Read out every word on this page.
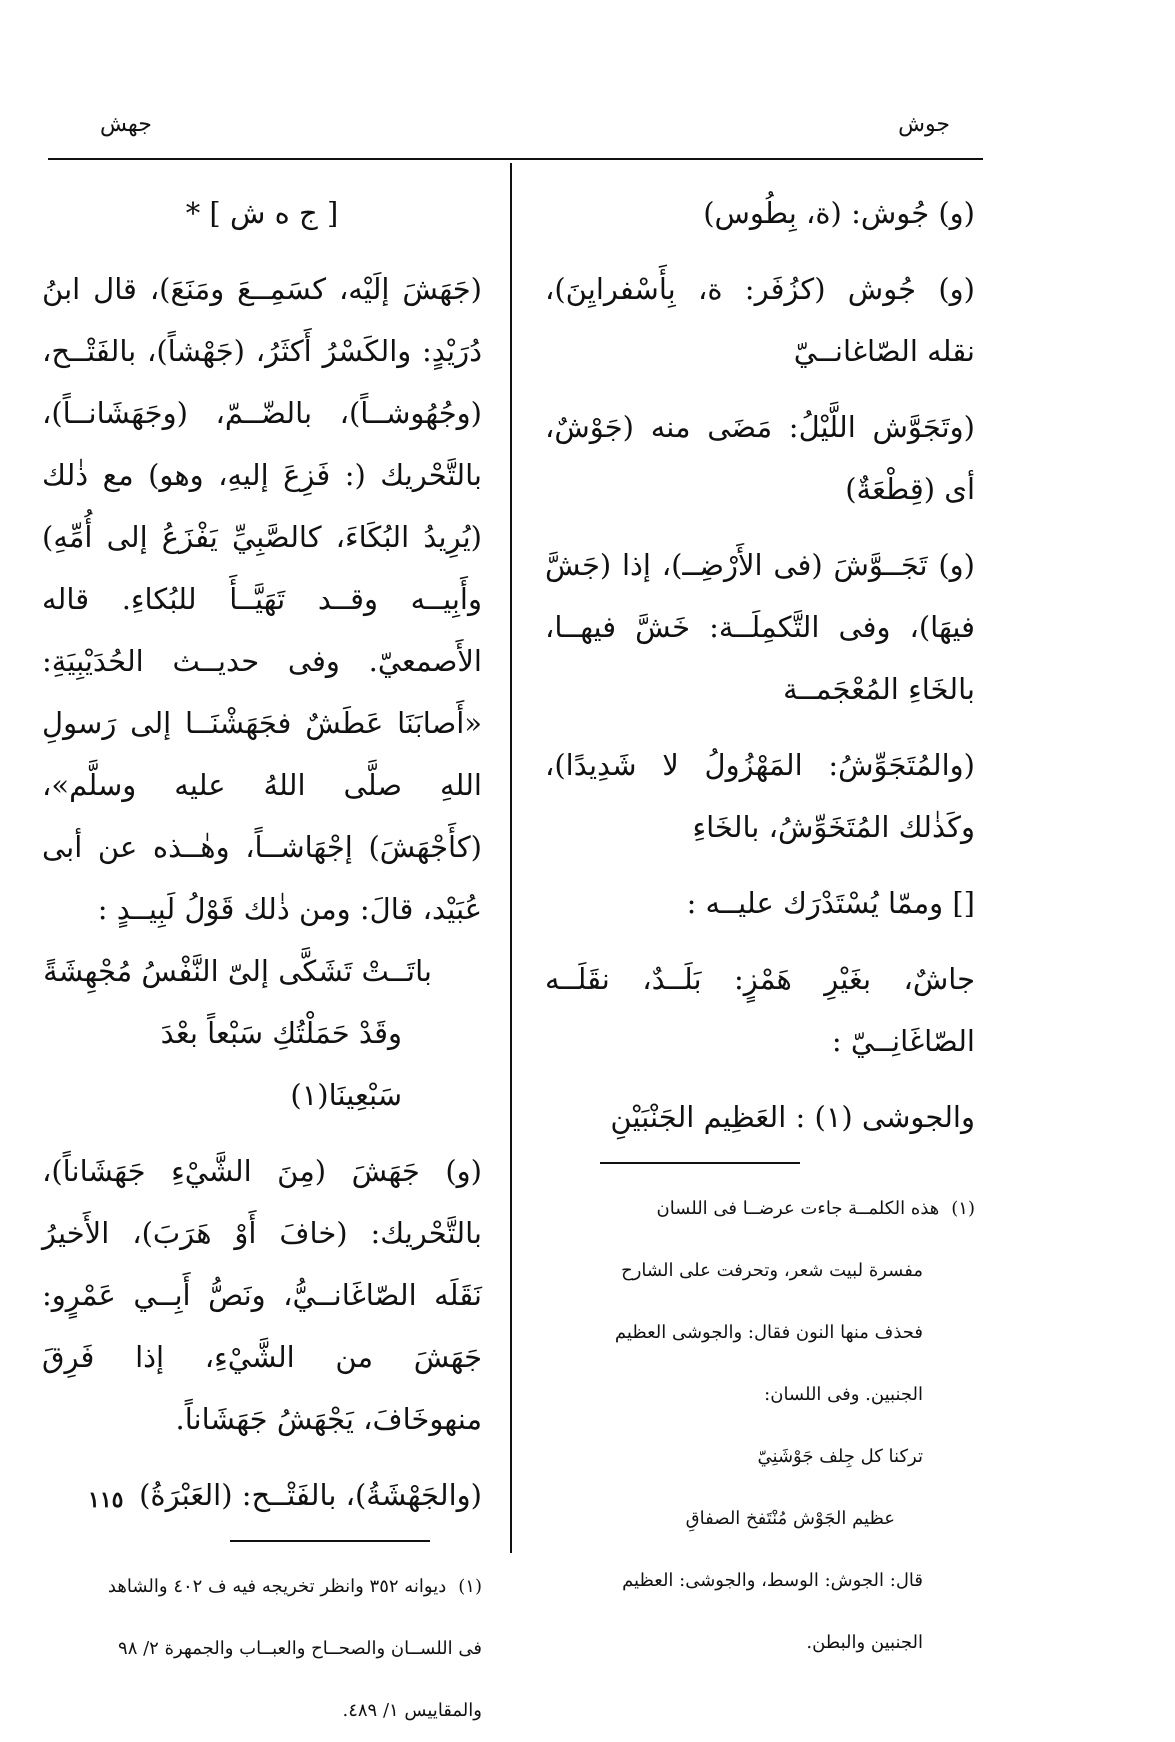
جوش
جهش

(و) جُوش: (ة، بِطُوس)

(و) جُوش (كزُفَر: ة، بِأَسْفرايِنَ)، نقله الصّاغانــيّ

(وتَجَوَّش اللَّيْلُ: مَضَى منه (جَوْشٌ، أى (قِطْعَةٌ)

(و) تَجَــوَّشَ (فى الأَرْضِــ)، إذا (جَشَّ فيهَا)، وفى التَّكمِلَــة: خَشَّ فيهــا، بالخَاءِ المُعْجَمــة

(والمُتَجَوِّشُ: المَهْزُولُ لا شَدِيدًا)، وكَذٰلك المُتَخَوِّشُ، بالخَاءِ

[] وممّا يُسْتَدْرَك عليــه :

جاشٌ، بغَيْرِ هَمْزٍ: بَلَــدٌ، نقَلَــه الصّاغَانِــيّ :

والجوشى (١) : العَظِيم الجَنْبَيْنِ

(١) هذه الكلمــة جاءت عرضــا فى اللسان

مفسرة لبيت شعر، وتحرفت على الشارح

فحذف منها النون فقال: والجوشى العظيم

الجنبين. وفى اللسان:

تركنا كل جِلف جَوْشَنِيّ

عظيم الجَوْش مُنْتَفخ الصفاقِ

قال: الجوش: الوسط، والجوشى: العظيم

الجنبين والبطن.

[ ج ه ش ] *

(جَهَشَ إلَيْه، كسَمِــعَ ومَنَعَ)، قال ابنُ دُرَيْدٍ: والكَسْرُ أَكثَرُ، (جَهْشاً)، بالفَتْــح، (وجُهُوشــاً)، بالضّــمّ، (وجَهَشَانــاً)، بالتَّحْريك (: فَزِعَ إليهِ، وهو) مع ذٰلك (يُرِيدُ البُكَاءَ، كالصَّبِيِّ يَفْزَعُ إلى أُمِّهِ) وأَبِيــه وقــد تَهَيَّــأَ للبُكاءِ. قاله الأَصمعيّ. وفى حديــث الحُدَيْبِيَةِ: «أَصابَنَا عَطَشٌ فجَهَشْنَــا إلى رَسولِ اللهِ صلَّى اللهُ عليه وسلَّم»، (كأَجْهَشَ) إجْهَاشــاً، وهٰــذه عن أبى عُبَيْد، قالَ: ومن ذٰلك قَوْلُ لَبِيــدٍ :

باتَــتْ تَشَكَّى إلىّ النَّفْسُ مُجْهِشَةً

وقَدْ حَمَلْتُكِ سَبْعاً بعْدَ سَبْعِينَا(١)

(و) جَهَشَ (مِنَ الشَّيْءِ جَهَشَاناً)، بالتَّحْريك: (خافَ أَوْ هَرَبَ)، الأَخيرُ نَقَلَه الصّاغَانــيُّ، ونَصُّ أَبِــي عَمْرٍو: جَهَشَ من الشَّيْءِ، إذا فَرِقَ منهوخَافَ، يَجْهَشُ جَهَشَاناً.

(والجَهْشَةُ)، بالفَتْــح: (العَبْرَةُ)

(١) ديوانه ٣٥٢ وانظر تخريجه فيه ف ٤٠٢ والشاهد

فى اللســان والصحــاح والعبــاب والجمهرة ٢/ ٩٨

والمقاييس ١/ ٤٨٩.

١١٥
